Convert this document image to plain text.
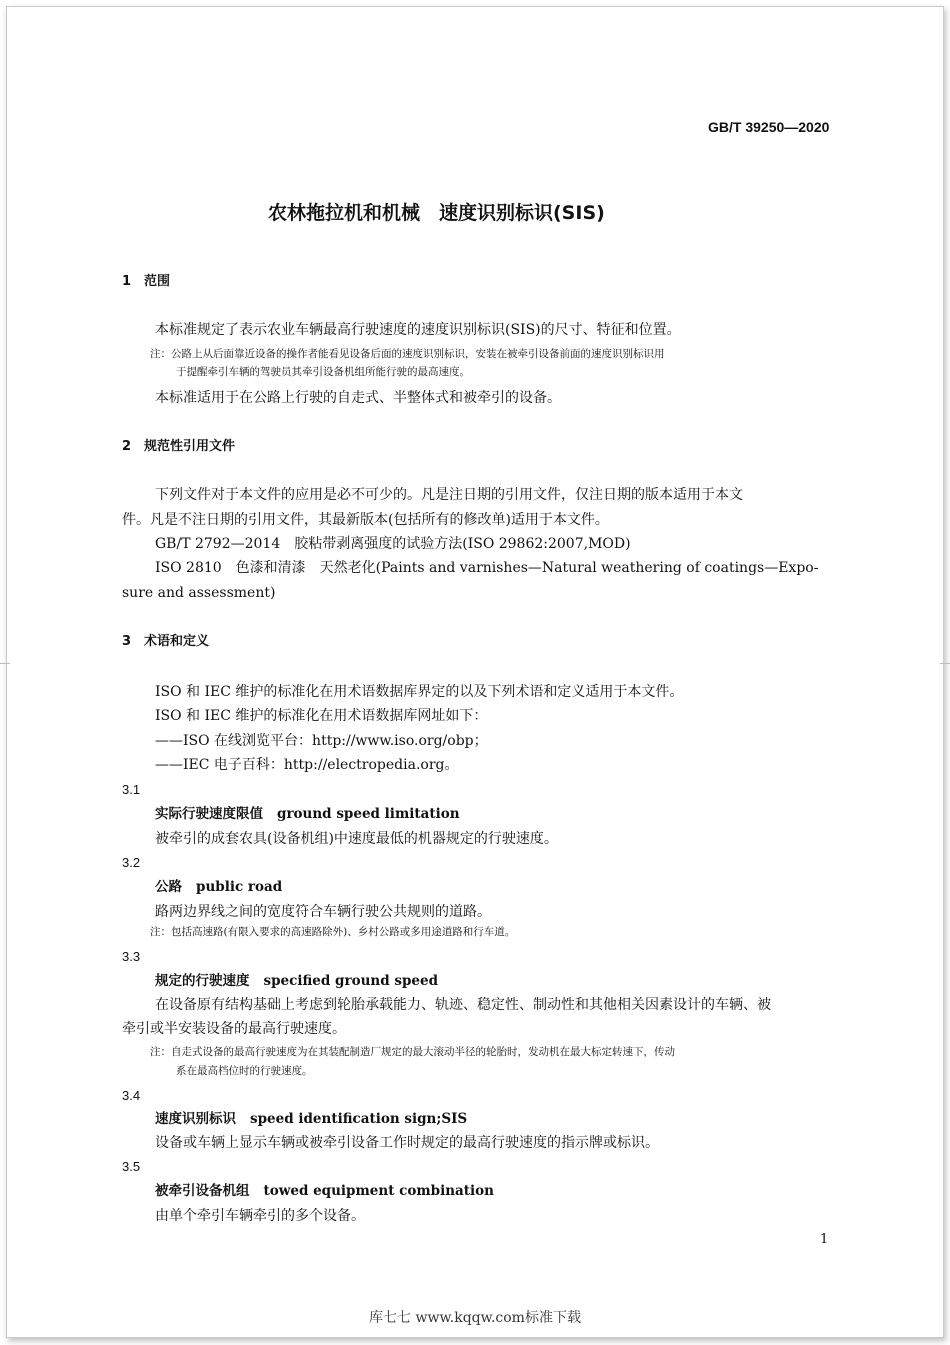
GB/T 39250—2020
农林拖拉机和机械　速度识别标识(SIS)
1　范围
本标准规定了表示农业车辆最高行驶速度的速度识别标识(SIS)的尺寸、特征和位置。
注：公路上从后面靠近设备的操作者能看见设备后面的速度识别标识，安装在被牵引设备前面的速度识别标识用
于提醒牵引车辆的驾驶员其牵引设备机组所能行驶的最高速度。
本标准适用于在公路上行驶的自走式、半整体式和被牵引的设备。
2　规范性引用文件
下列文件对于本文件的应用是必不可少的。凡是注日期的引用文件，仅注日期的版本适用于本文
件。凡是不注日期的引用文件，其最新版本(包括所有的修改单)适用于本文件。
GB/T 2792—2014　胶粘带剥离强度的试验方法(ISO 29862:2007,MOD)
ISO 2810　色漆和清漆　天然老化(Paints and varnishes—Natural weathering of coatings—Expo-
sure and assessment)
3　术语和定义
ISO 和 IEC 维护的标准化在用术语数据库界定的以及下列术语和定义适用于本文件。
ISO 和 IEC 维护的标准化在用术语数据库网址如下：
——ISO 在线浏览平台：http://www.iso.org/obp；
——IEC 电子百科：http://electropedia.org。
3.1
实际行驶速度限值 ground speed limitation
被牵引的成套农具(设备机组)中速度最低的机器规定的行驶速度。
3.2
公路 public road
路两边界线之间的宽度符合车辆行驶公共规则的道路。
注：包括高速路(有限入要求的高速路除外)、乡村公路或多用途道路和行车道。
3.3
规定的行驶速度 specified ground speed
在设备原有结构基础上考虑到轮胎承载能力、轨迹、稳定性、制动性和其他相关因素设计的车辆、被
牵引或半安装设备的最高行驶速度。
注：自走式设备的最高行驶速度为在其装配制造厂规定的最大滚动半径的轮胎时，发动机在最大标定转速下，传动
系在最高档位时的行驶速度。
3.4
速度识别标识 speed identification sign;SIS
设备或车辆上显示车辆或被牵引设备工作时规定的最高行驶速度的指示牌或标识。
3.5
被牵引设备机组 towed equipment combination
由单个牵引车辆牵引的多个设备。
1
库七七 www.kqqw.com标准下载
